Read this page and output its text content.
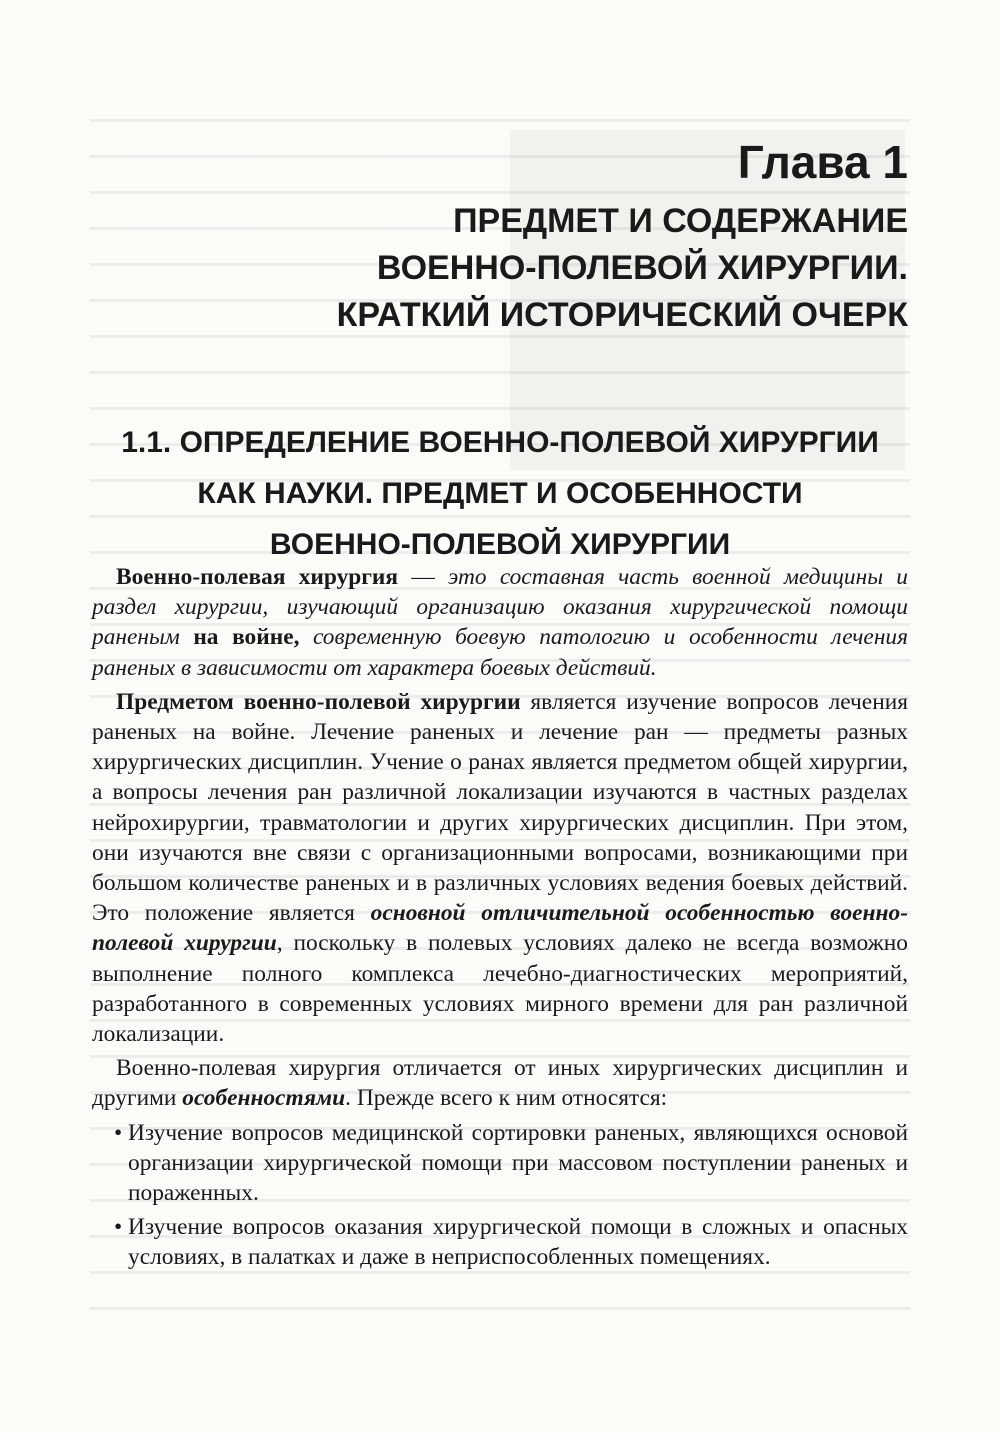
Глава 1
ПРЕДМЕТ И СОДЕРЖАНИЕ
ВОЕННО-ПОЛЕВОЙ ХИРУРГИИ.
КРАТКИЙ ИСТОРИЧЕСКИЙ ОЧЕРК
1.1. ОПРЕДЕЛЕНИЕ ВОЕННО-ПОЛЕВОЙ ХИРУРГИИ
КАК НАУКИ. ПРЕДМЕТ И ОСОБЕННОСТИ
ВОЕННО-ПОЛЕВОЙ ХИРУРГИИ

Военно-полевая хирургия — это составная часть военной медицины и раздел хирургии, изучающий организацию оказания хирургической помощи раненым на войне, современную боевую патологию и особенности лечения раненых в зависимости от характера боевых действий.

Предметом военно-полевой хирургии является изучение вопросов лечения раненых на войне. Лечение раненых и лечение ран — предметы разных хирургических дисциплин. Учение о ранах является предметом общей хирургии, а вопросы лечения ран различной локализации изучаются в частных разделах нейрохирургии, травматологии и других хирургических дисциплин. При этом, они изучаются вне связи с организационными вопросами, возникающими при большом количестве раненых и в различных условиях ведения боевых действий. Это положение является основной отличительной особенностью военно-полевой хирургии, поскольку в полевых условиях далеко не всегда возможно выполнение полного комплекса лечебно-диагностических мероприятий, разработанного в современных условиях мирного времени для ран различной локализации.

Военно-полевая хирургия отличается от иных хирургических дисциплин и другими особенностями. Прежде всего к ним относятся:

• Изучение вопросов медицинской сортировки раненых, являющихся основой организации хирургической помощи при массовом поступлении раненых и пораженных.
• Изучение вопросов оказания хирургической помощи в сложных и опасных условиях, в палатках и даже в неприспособленных помещениях.
